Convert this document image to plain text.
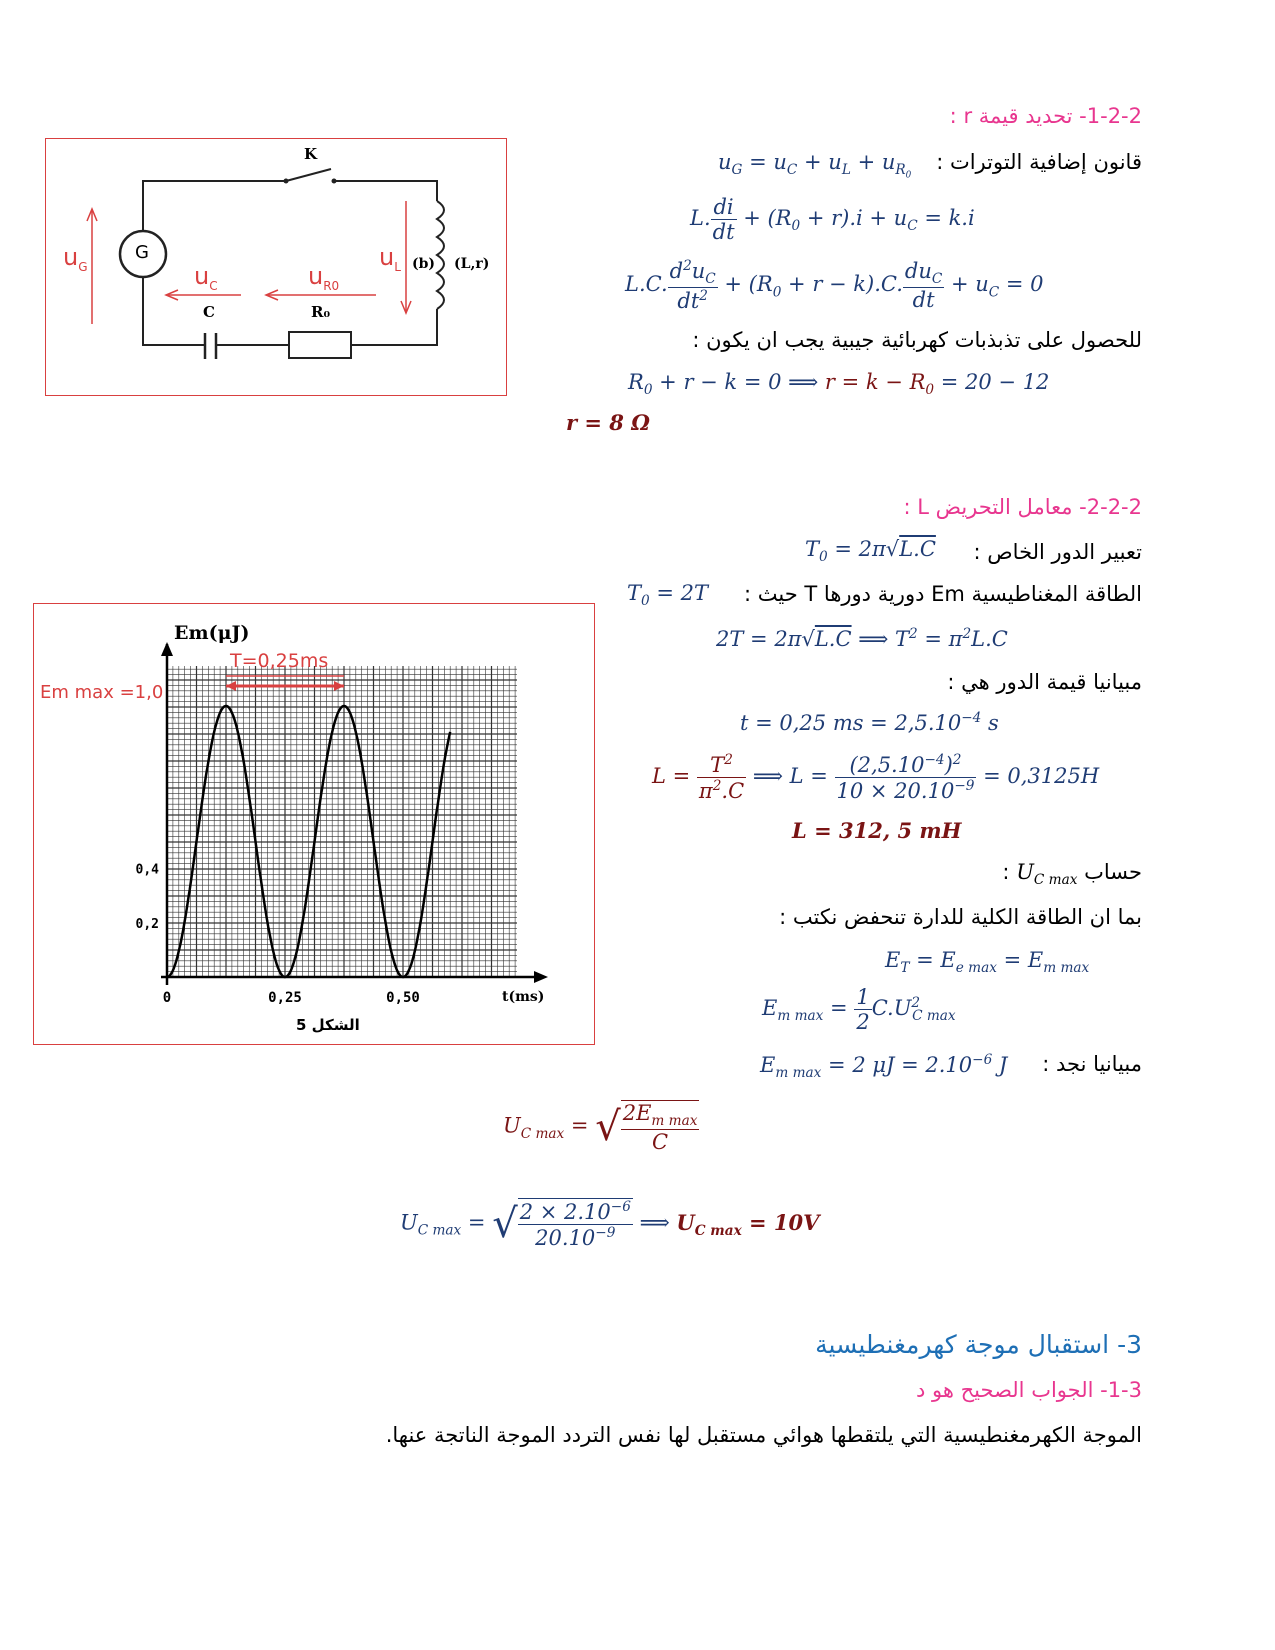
1-2-2- تحديد قيمة r :
قانون إضافية التوترات :
$u_G = u_C + u_L + u_{R_0}$
L. $\frac{di}{dt} + (R_0 + r).i + u_C = k.i$
L.C. $\frac{d^2u_C}{dt^2} + (R_0 + r - k).C$. $\frac{du_C}{dt} + u_C = 0$
للحصول على تذبذبات كهربائية جيبية يجب ان يكون :
$R_0 + r - k = 0$ ⟹ $r = k - R_0 = 20 - 12$
r = 8 Ω
K
G
$u_G$	$u_C$	$u_{R0}$
$u_L$ (b) (L,r)
C	R₀
2-2-2- معامل التحريض L :
تعبير الدور الخاص :
$T_0 = 2\pi√L.C$
الطاقة المغناطيسية Em دورية دورها T حيث :
$T_0 = 2T$
2T = 2π√L.C ⟹ $T^2 = \pi^2L.C$
مبيانيا قيمة الدور هي :
t = 0,25 ms = $2,5.10^{-4}$ s
$L = \frac{T^2}{\pi^2.C}$ ⟹ $L = \frac{(2,5.10^{-4})^2}{10 \times 20.10^{-9}} = 0,3125H$
L = 312, 5 mH
حساب $U_{C max}$ :
بما ان الطاقة الكلية للدارة تنحفض نكتب :
$E_T = E_{e max} = E_{m max}$
$E_{m max} = \frac{1}{2} C.U^2_{C max}$
مبيانيا نجد :
$E_{m max} = 2$ $\mu J = 2.10^{-6}$ J
$U_{C max}$ = √ $\frac{2E_{m max}}{C}$
$U_{C max}$ = √ $\frac{2 \times 2.10^{-6}}{20.10^{-9}}$ ⟹ $U_{C max} = 10V$
0	0,25	0,50
0,2
0,4
Em(μJ)
T=0,25ms
Em max =1,0
t(ms)
الشكل 5
3- استقبال موجة كهرمغنطيسية
1-3- الجواب الصحيح هو د
الموجة الكهرمغنطيسية التي يلتقطها هوائي مستقبل لها نفس التردد الموجة الناتجة عنها.
